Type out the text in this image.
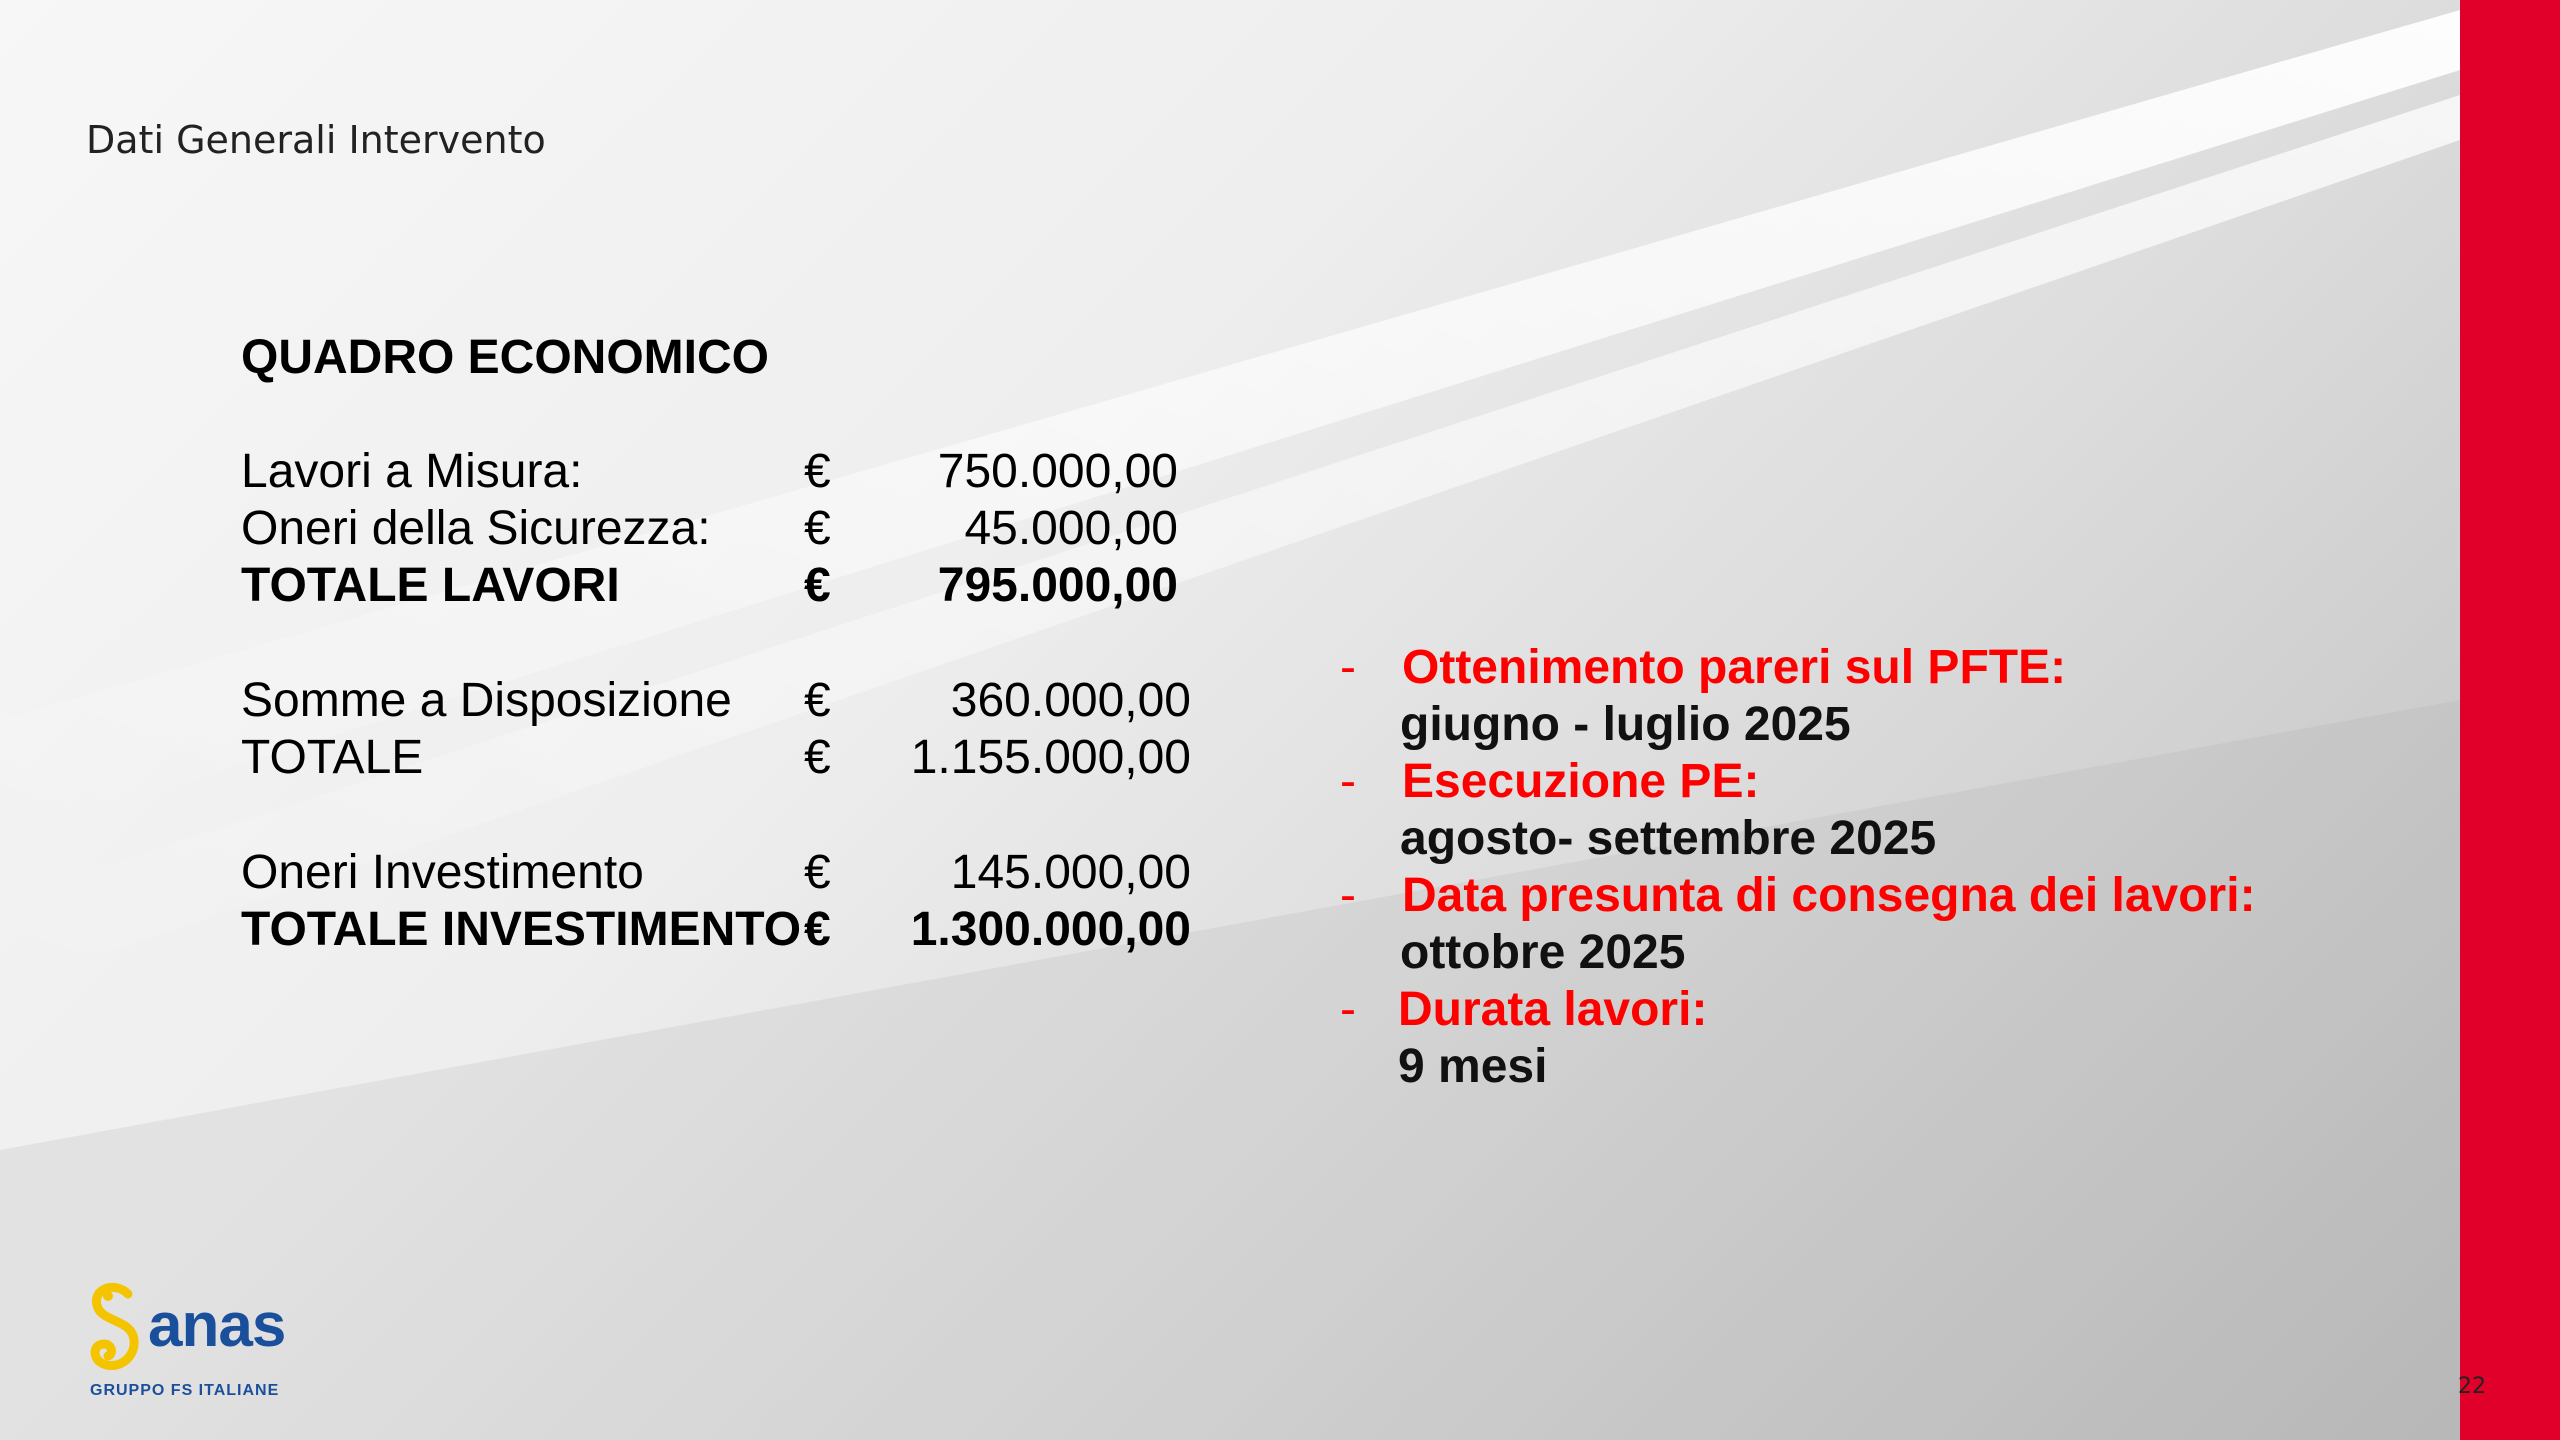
Dati Generali Intervento
QUADRO ECONOMICO
Lavori a Misura:	€ 750.000,00
Oneri della Sicurezza: €	45.000,00
TOTALE LAVORI	€ 795.000,00
Somme a Disposizione €	360.000,00
TOTALE	€ 1.155.000,00
Oneri Investimento	€	145.000,00
TOTALE INVESTIMENTO € 1.300.000,00
- Ottenimento pareri sul PFTE:
giugno - luglio 2025
- Esecuzione PE:
agosto- settembre 2025
- Data presunta di consegna dei lavori:
ottobre 2025
- Durata lavori:
9 mesi
anas
GRUPPO FS ITALIANE	22
